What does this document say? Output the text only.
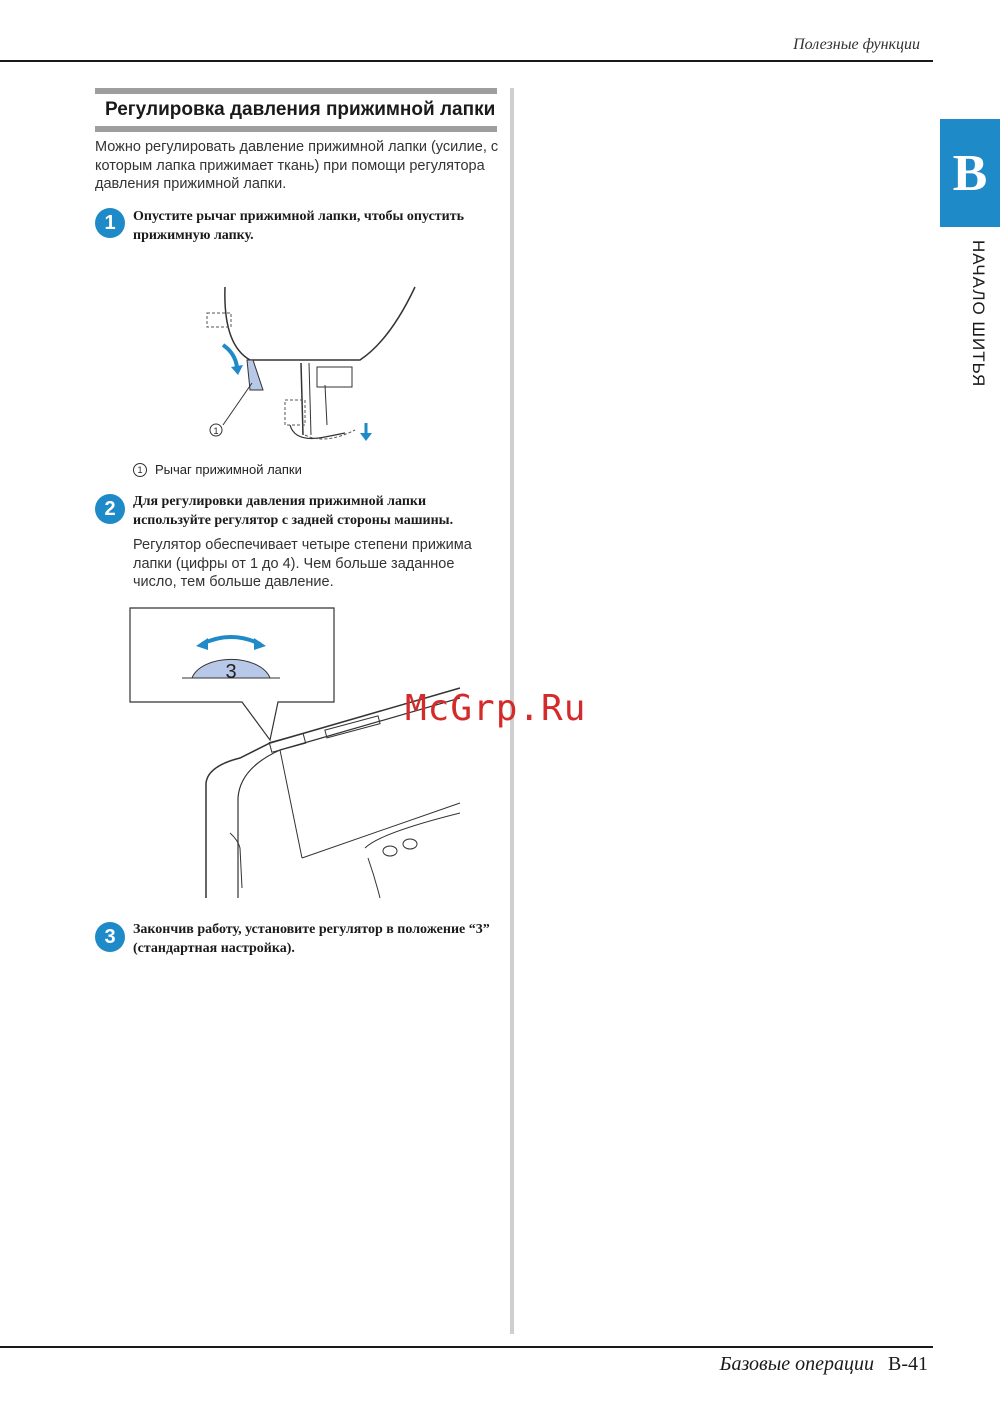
Полезные функции
B
НАЧАЛО ШИТЬЯ
Регулировка давления прижимной лапки
Можно регулировать давление прижимной лапки (усилие, с которым лапка прижимает ткань) при помощи регулятора давления прижимной лапки.
1	Опустите рычаг прижимной лапки, чтобы опустить прижимную лапку.
1
1 Рычаг прижимной лапки
2	Для регулировки давления прижимной лапки используйте регулятор с задней стороны машины.
Регулятор обеспечивает четыре степени прижима лапки (цифры от 1 до 4). Чем больше заданное число, тем больше давление.
3
McGrp.Ru
3	Закончив работу, установите регулятор в положение “3” (стандартная настройка).
Базовые операции B-41
